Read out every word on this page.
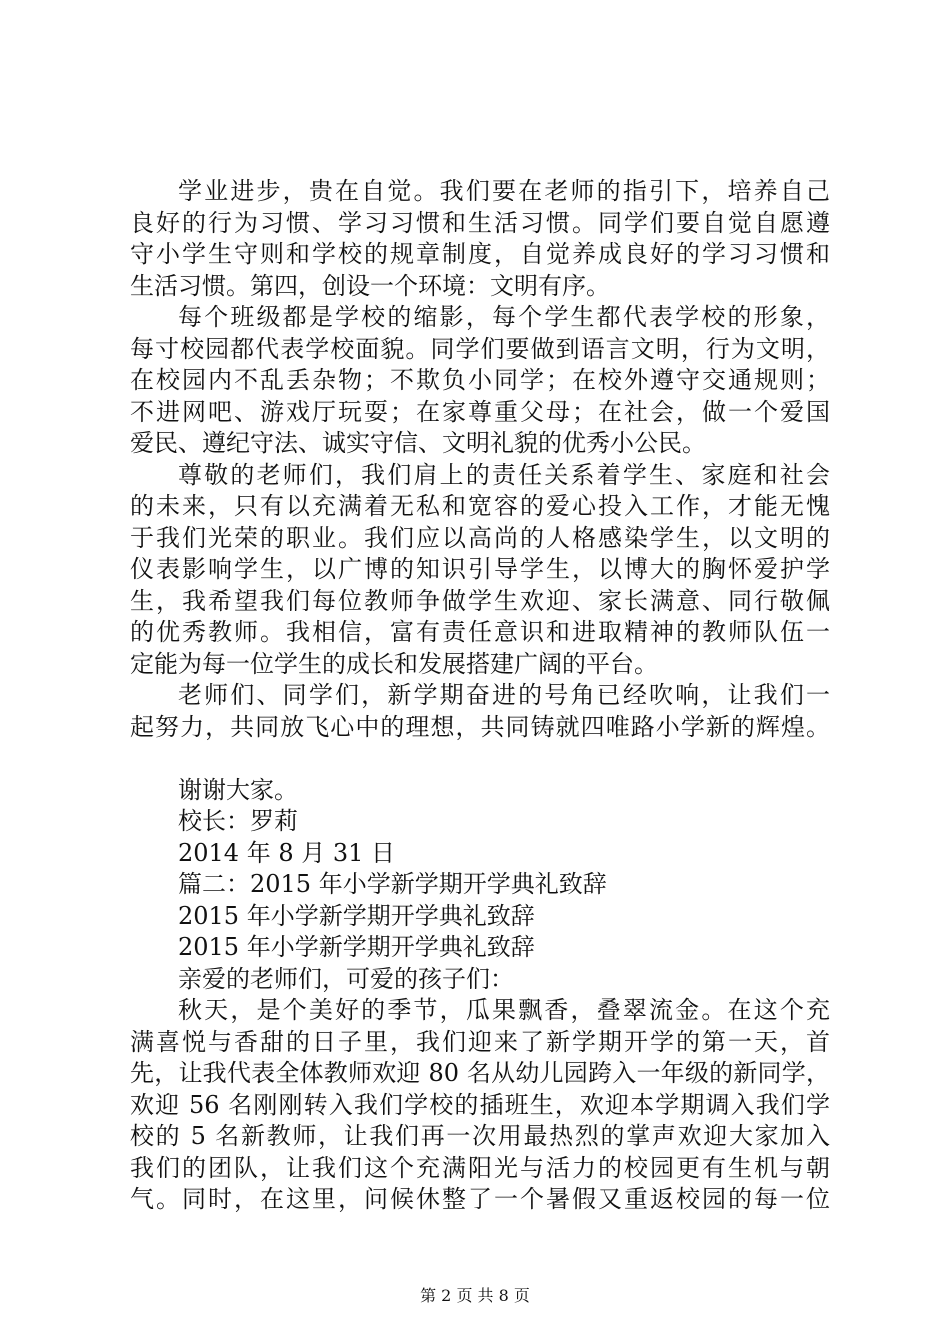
学业进步，贵在自觉。我们要在老师的指引下，培养自己
良好的行为习惯、学习习惯和生活习惯。同学们要自觉自愿遵
守小学生守则和学校的规章制度，自觉养成良好的学习习惯和
生活习惯。第四，创设一个环境：文明有序。
每个班级都是学校的缩影，每个学生都代表学校的形象，
每寸校园都代表学校面貌。同学们要做到语言文明，行为文明，
在校园内不乱丢杂物；不欺负小同学；在校外遵守交通规则；
不进网吧、游戏厅玩耍；在家尊重父母；在社会，做一个爱国
爱民、遵纪守法、诚实守信、文明礼貌的优秀小公民。
尊敬的老师们，我们肩上的责任关系着学生、家庭和社会
的未来，只有以充满着无私和宽容的爱心投入工作，才能无愧
于我们光荣的职业。我们应以高尚的人格感染学生，以文明的
仪表影响学生，以广博的知识引导学生，以博大的胸怀爱护学
生，我希望我们每位教师争做学生欢迎、家长满意、同行敬佩
的优秀教师。我相信，富有责任意识和进取精神的教师队伍一
定能为每一位学生的成长和发展搭建广阔的平台。
老师们、同学们，新学期奋进的号角已经吹响，让我们一
起努力，共同放飞心中的理想，共同铸就四唯路小学新的辉煌。
谢谢大家。
校长：罗莉
2014 年 8 月 31 日
篇二：2015 年小学新学期开学典礼致辞
2015 年小学新学期开学典礼致辞
2015 年小学新学期开学典礼致辞
亲爱的老师们，可爱的孩子们：
秋天，是个美好的季节，瓜果飘香，叠翠流金。在这个充
满喜悦与香甜的日子里，我们迎来了新学期开学的第一天，首
先，让我代表全体教师欢迎 80 名从幼儿园跨入一年级的新同学，
欢迎 56 名刚刚转入我们学校的插班生，欢迎本学期调入我们学
校的 5 名新教师，让我们再一次用最热烈的掌声欢迎大家加入
我们的团队，让我们这个充满阳光与活力的校园更有生机与朝
气。同时，在这里，问候休整了一个暑假又重返校园的每一位
第 2 页 共 8 页
